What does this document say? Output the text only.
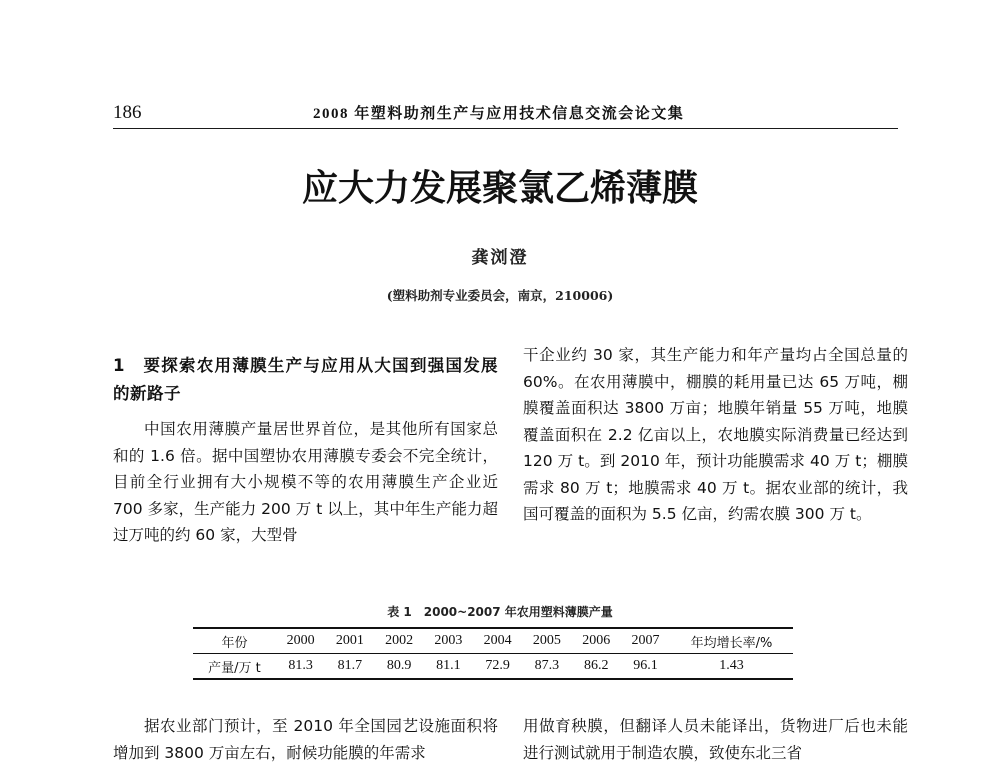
186	2008 年塑料助剂生产与应用技术信息交流会论文集
应大力发展聚氯乙烯薄膜
龚浏澄
(塑料助剂专业委员会，南京，210006)

1　要探索农用薄膜生产与应用从大国到强国发展的新路子

中国农用薄膜产量居世界首位，是其他所有国家总和的 1.6 倍。据中国塑协农用薄膜专委会不完全统计，目前全行业拥有大小规模不等的农用薄膜生产企业近 700 多家，生产能力 200 万 t 以上，其中年生产能力超过万吨的约 60 家，大型骨

干企业约 30 家，其生产能力和年产量均占全国总量的 60%。在农用薄膜中，棚膜的耗用量已达 65 万吨，棚膜覆盖面积达 3800 万亩；地膜年销量 55 万吨，地膜覆盖面积在 2.2 亿亩以上，农地膜实际消费量已经达到 120 万 t。到 2010 年，预计功能膜需求 40 万 t；棚膜需求 80 万 t；地膜需求 40 万 t。据农业部的统计，我国可覆盖的面积为 5.5 亿亩，约需农膜 300 万 t。

表 1　2000~2007 年农用塑料薄膜产量
年份	2000	2001	2002	2003	2004	2005	2006	2007	年均增长率/%
产量/万 t	81.3	81.7	80.9	81.1	72.9	87.3	86.2	96.1	1.43

据农业部门预计，至 2010 年全国园艺设施面积将增加到 3800 万亩左右，耐候功能膜的年需求

用做育秧膜，但翻译人员未能译出，货物进厂后也未能进行测试就用于制造农膜，致使东北三省
